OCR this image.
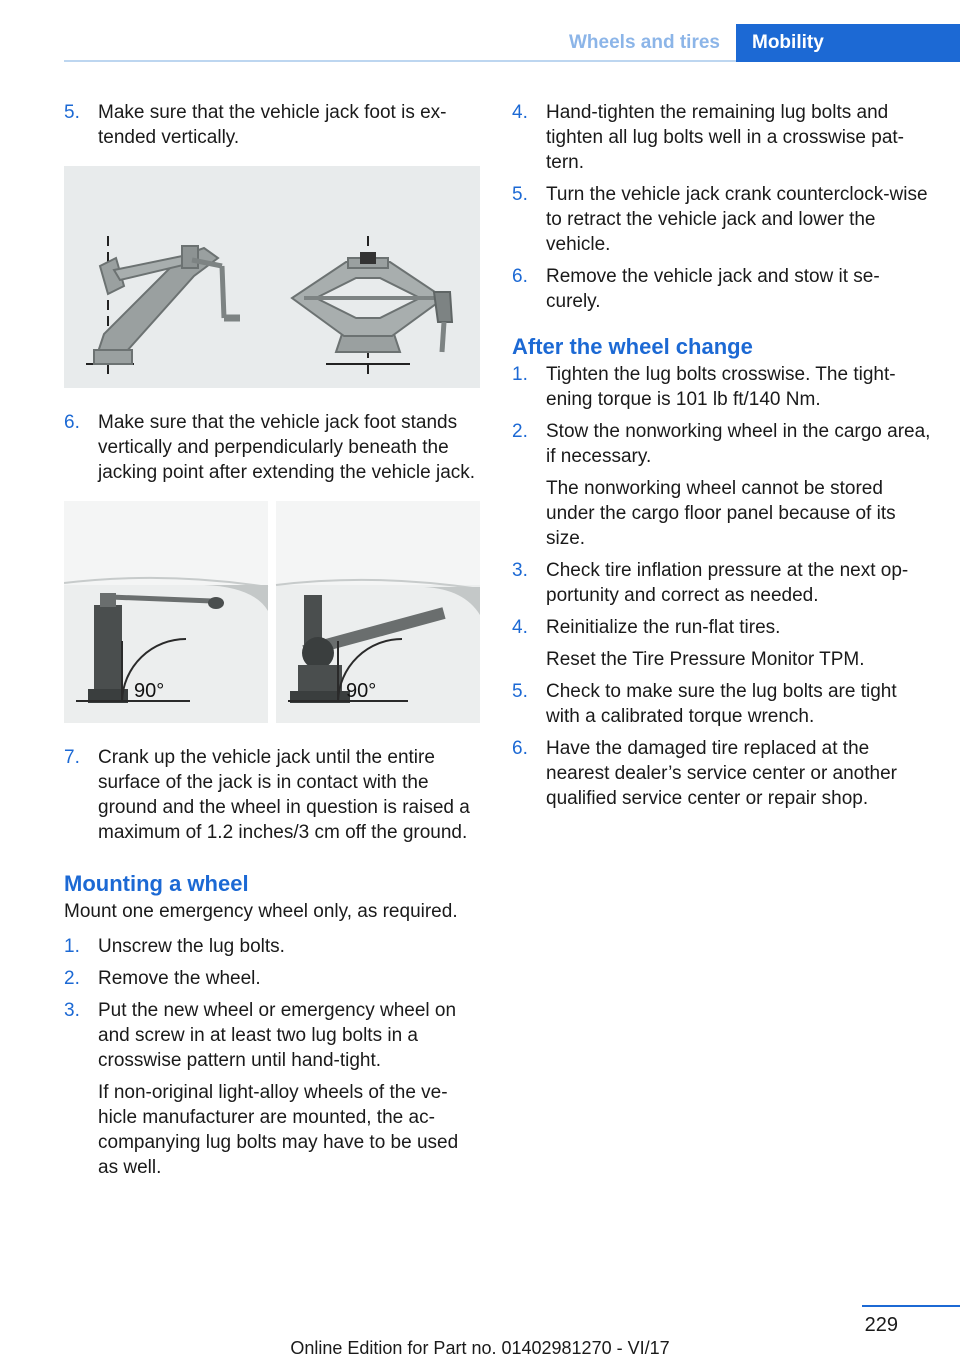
Wheels and tires	Mobility
5. Make sure that the vehicle jack foot is ex‐tended vertically.

6. Make sure that the vehicle jack foot stands vertically and perpendicularly beneath the jacking point after extending the vehicle jack.

90°	90°
7. Crank up the vehicle jack until the entire surface of the jack is in contact with the ground and the wheel in question is raised a maximum of 1.2 inches/3 cm off the ground.

Mounting a wheel

Mount one emergency wheel only, as required.

1. Unscrew the lug bolts.

2. Remove the wheel.

3. Put the new wheel or emergency wheel on and screw in at least two lug bolts in a crosswise pattern until hand-tight.

If non-original light-alloy wheels of the ve‐hicle manufacturer are mounted, the ac‐companying lug bolts may have to be used as well.

4. Hand-tighten the remaining lug bolts and tighten all lug bolts well in a crosswise pat‐tern.

5. Turn the vehicle jack crank counterclock‐wise to retract the vehicle jack and lower the vehicle.

6. Remove the vehicle jack and stow it se‐curely.

After the wheel change
1. Tighten the lug bolts crosswise. The tight‐ening torque is 101 lb ft/140 Nm.

2. Stow the nonworking wheel in the cargo area, if necessary.

The nonworking wheel cannot be stored under the cargo floor panel because of its size.

3. Check tire inflation pressure at the next op‐portunity and correct as needed.

4. Reinitialize the run-flat tires.

Reset the Tire Pressure Monitor TPM.

5. Check to make sure the lug bolts are tight with a calibrated torque wrench.

6. Have the damaged tire replaced at the nearest dealer’s service center or another qualified service center or repair shop.

229
Online Edition for Part no. 01402981270 - VI/17
